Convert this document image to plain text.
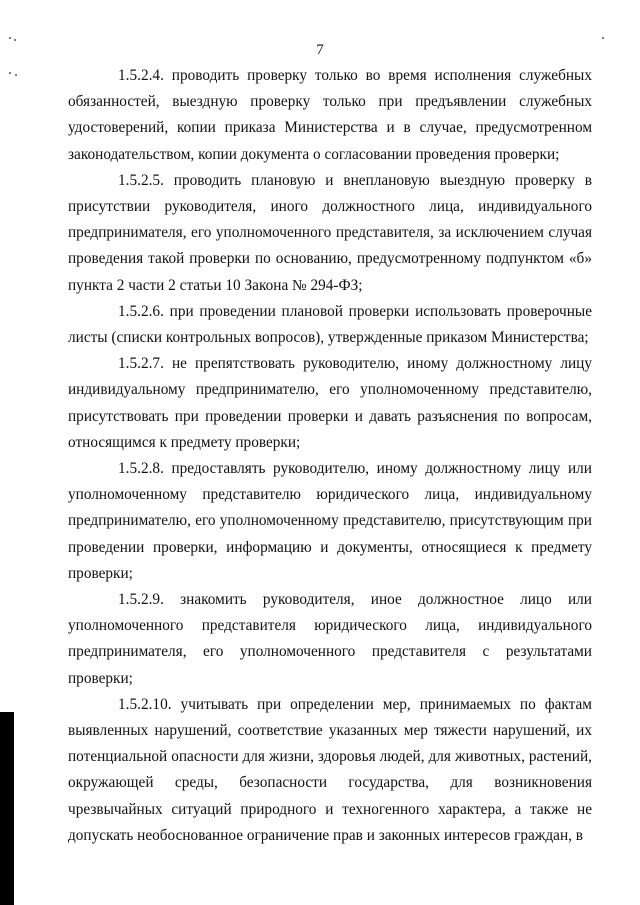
7

1.5.2.4. проводить проверку только во время исполнения служебных обязанностей, выездную проверку только при предъявлении служебных удостоверений, копии приказа Министерства и в случае, предусмотренном законодательством, копии документа о согласовании проведения проверки;

1.5.2.5. проводить плановую и внеплановую выездную проверку в присутствии руководителя, иного должностного лица, индивидуального предпринимателя, его уполномоченного представителя, за исключением случая проведения такой проверки по основанию, предусмотренному подпунктом «б» пункта 2 части 2 статьи 10 Закона № 294-ФЗ;

1.5.2.6. при проведении плановой проверки использовать проверочные листы (списки контрольных вопросов), утвержденные приказом Министерства;

1.5.2.7. не препятствовать руководителю, иному должностному лицу индивидуальному предпринимателю, его уполномоченному представителю, присутствовать при проведении проверки и давать разъяснения по вопросам, относящимся к предмету проверки;

1.5.2.8. предоставлять руководителю, иному должностному лицу или уполномоченному представителю юридического лица, индивидуальному предпринимателю, его уполномоченному представителю, присутствующим при проведении проверки, информацию и документы, относящиеся к предмету проверки;

1.5.2.9. знакомить руководителя, иное должностное лицо или уполномоченного представителя юридического лица, индивидуального предпринимателя, его уполномоченного представителя с результатами проверки;

1.5.2.10. учитывать при определении мер, принимаемых по фактам выявленных нарушений, соответствие указанных мер тяжести нарушений, их потенциальной опасности для жизни, здоровья людей, для животных, растений, окружающей среды, безопасности государства, для возникновения чрезвычайных ситуаций природного и техногенного характера, а также не допускать необоснованное ограничение прав и законных интересов граждан, в
